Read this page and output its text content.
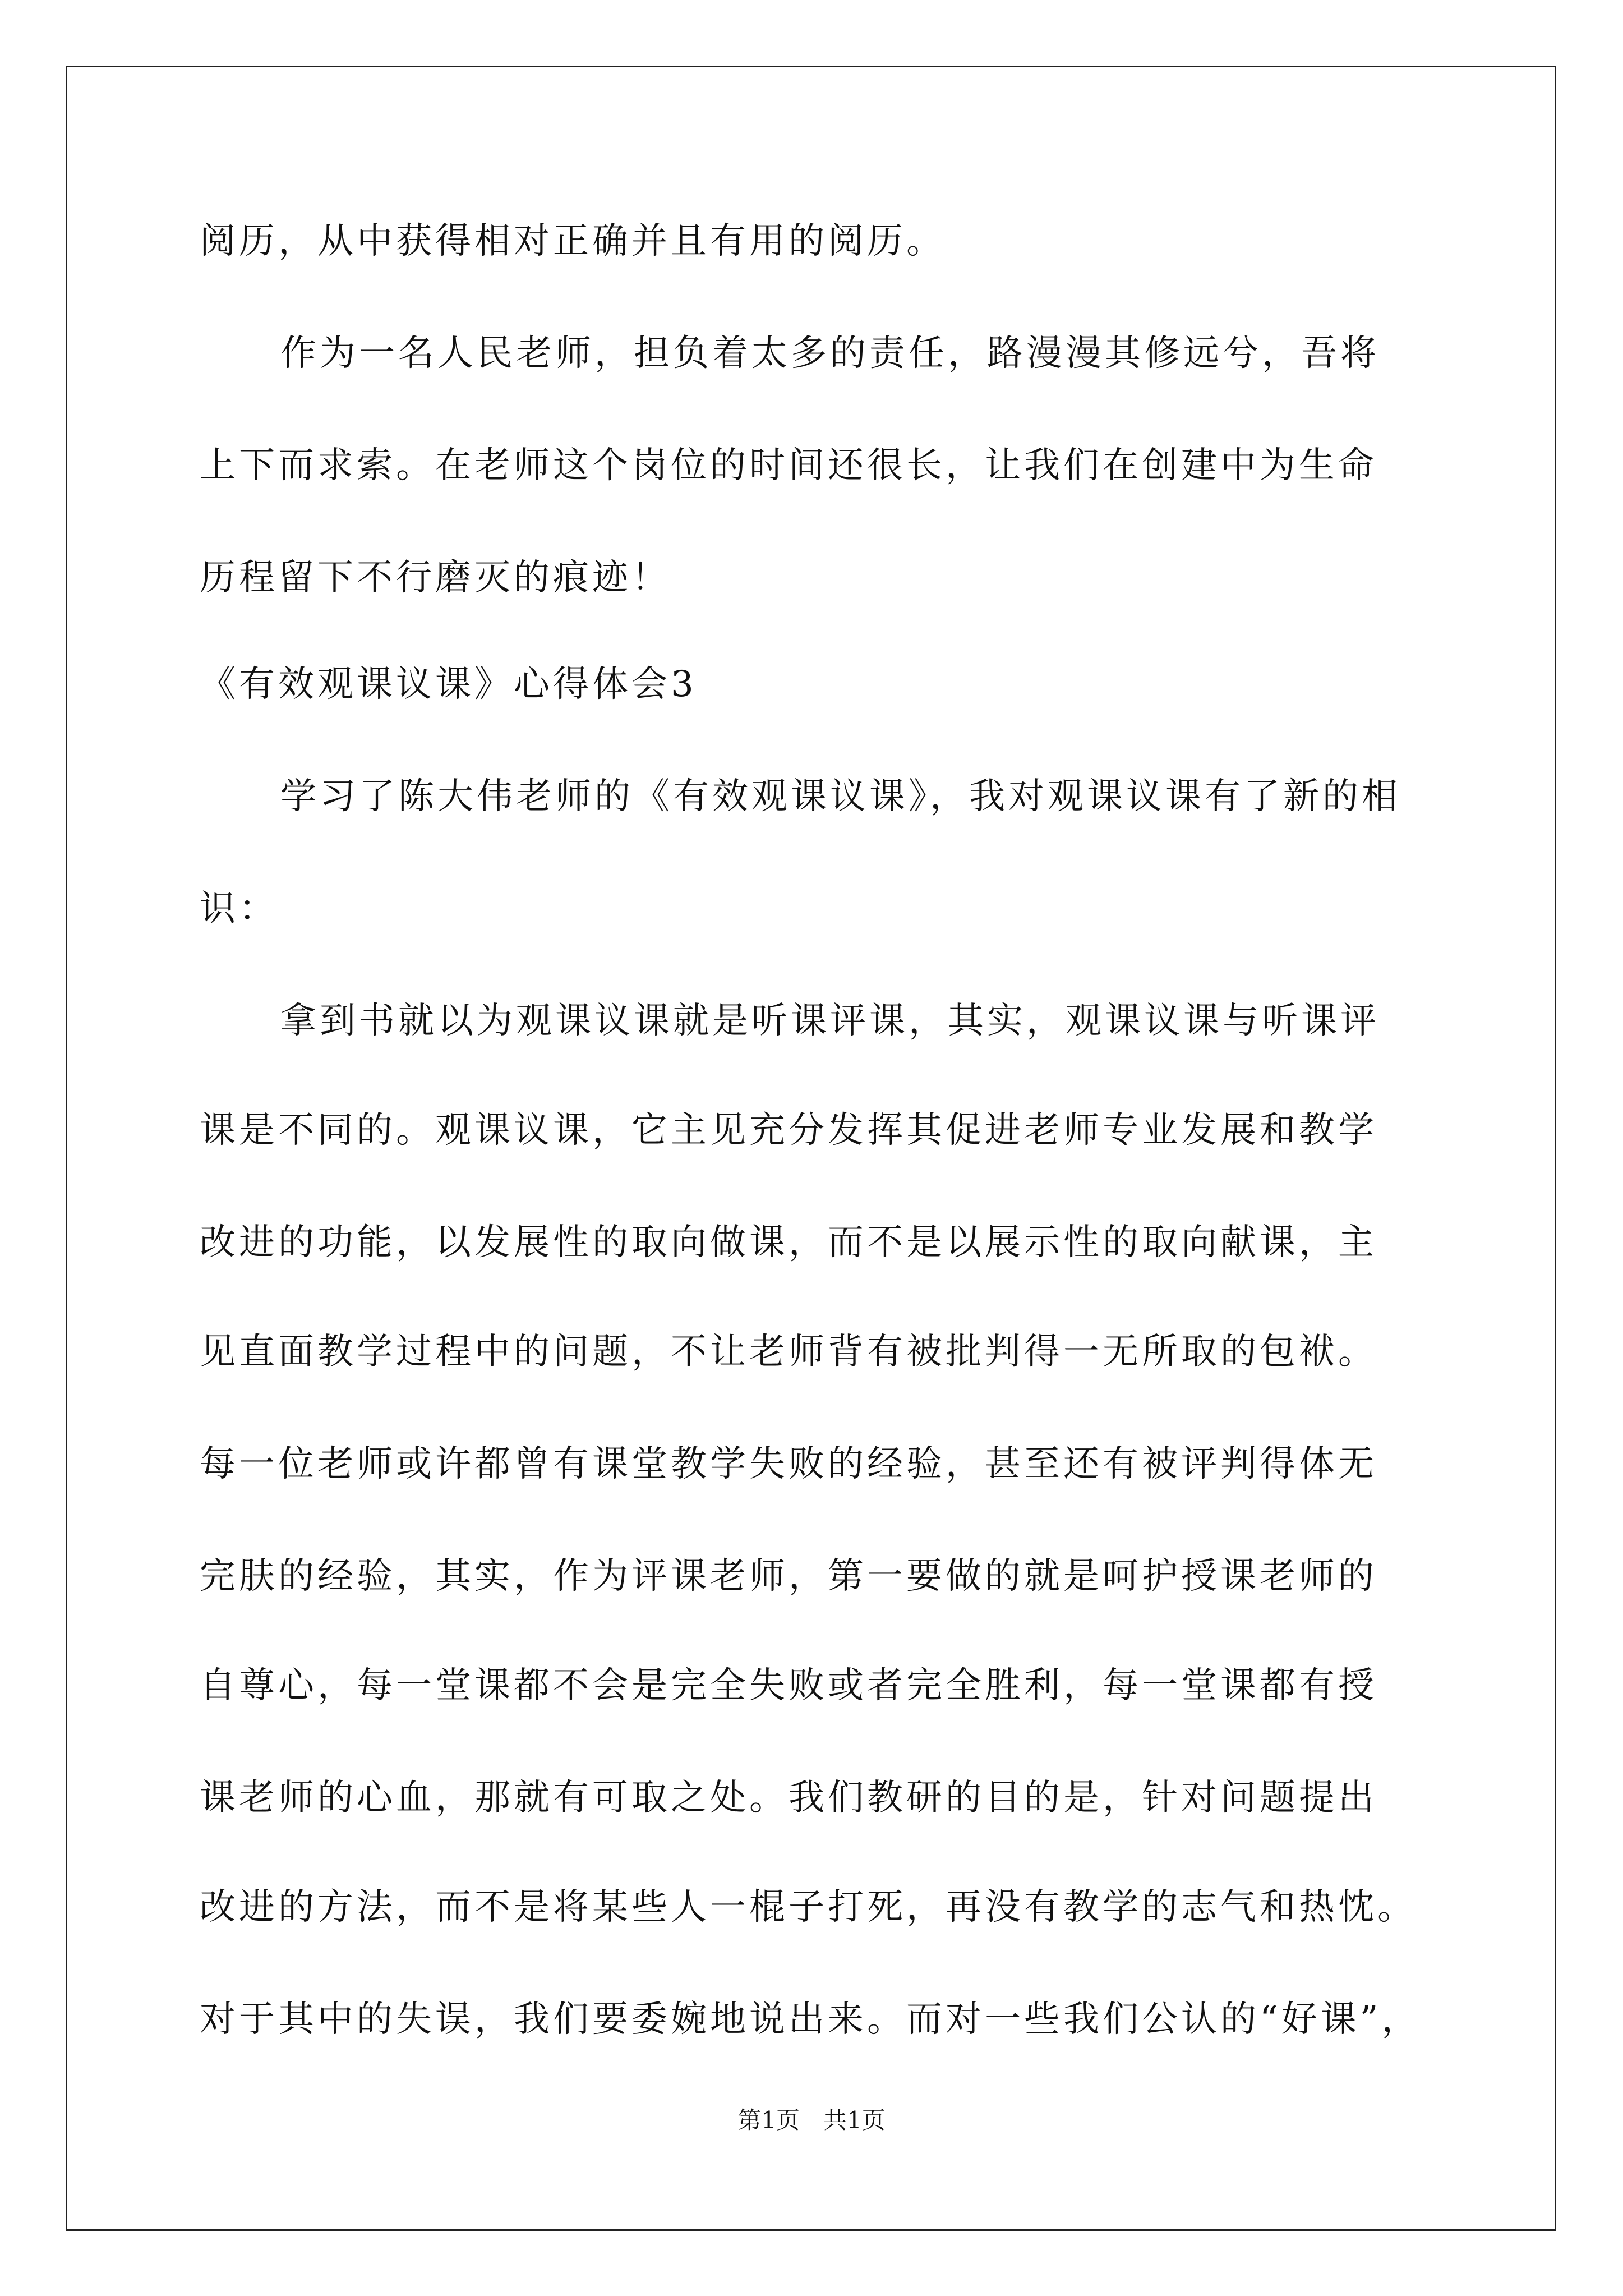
阅历，从中获得相对正确并且有用的阅历。
作为一名人民老师，担负着太多的责任，路漫漫其修远兮，吾将
上下而求索。在老师这个岗位的时间还很长，让我们在创建中为生命
历程留下不行磨灭的痕迹！
《有效观课议课》心得体会3
学习了陈大伟老师的《有效观课议课》，我对观课议课有了新的相
识：
拿到书就以为观课议课就是听课评课，其实，观课议课与听课评
课是不同的。观课议课，它主见充分发挥其促进老师专业发展和教学
改进的功能，以发展性的取向做课，而不是以展示性的取向献课，主
见直面教学过程中的问题，不让老师背有被批判得一无所取的包袱。
每一位老师或许都曾有课堂教学失败的经验，甚至还有被评判得体无
完肤的经验，其实，作为评课老师，第一要做的就是呵护授课老师的
自尊心，每一堂课都不会是完全失败或者完全胜利，每一堂课都有授
课老师的心血，那就有可取之处。我们教研的目的是，针对问题提出
改进的方法，而不是将某些人一棍子打死，再没有教学的志气和热忱。
对于其中的失误，我们要委婉地说出来。而对一些我们公认的“好课”，
第1页　共1页
